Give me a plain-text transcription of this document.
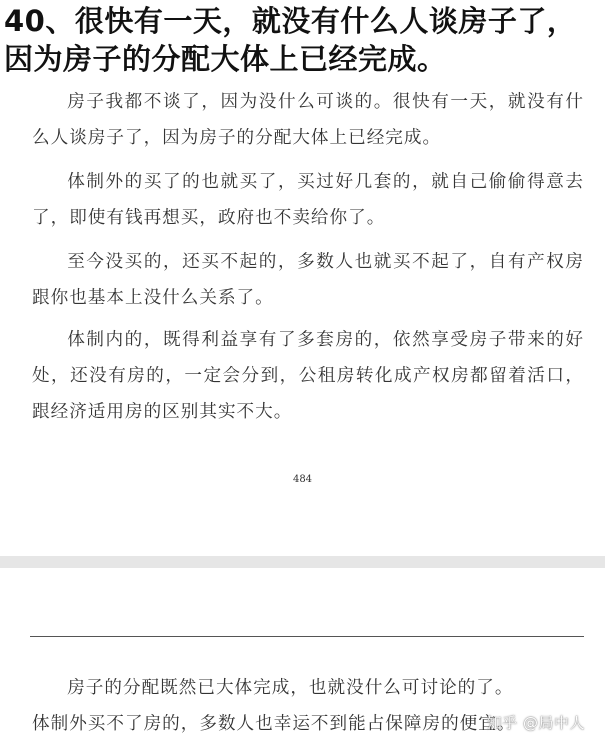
40、很快有一天，就没有什么人谈房子了，因为房子的分配大体上已经完成。
房子我都不谈了，因为没什么可谈的。很快有一天，就没有什么人谈房子了，因为房子的分配大体上已经完成。
体制外的买了的也就买了，买过好几套的，就自己偷偷得意去了，即使有钱再想买，政府也不卖给你了。
至今没买的，还买不起的，多数人也就买不起了，自有产权房跟你也基本上没什么关系了。
体制内的，既得利益享有了多套房的，依然享受房子带来的好处，还没有房的，一定会分到，公租房转化成产权房都留着活口，跟经济适用房的区别其实不大。
484
房子的分配既然已大体完成，也就没什么可讨论的了。
体制外买不了房的，多数人也幸运不到能占保障房的便宜。
知乎 @局中人
